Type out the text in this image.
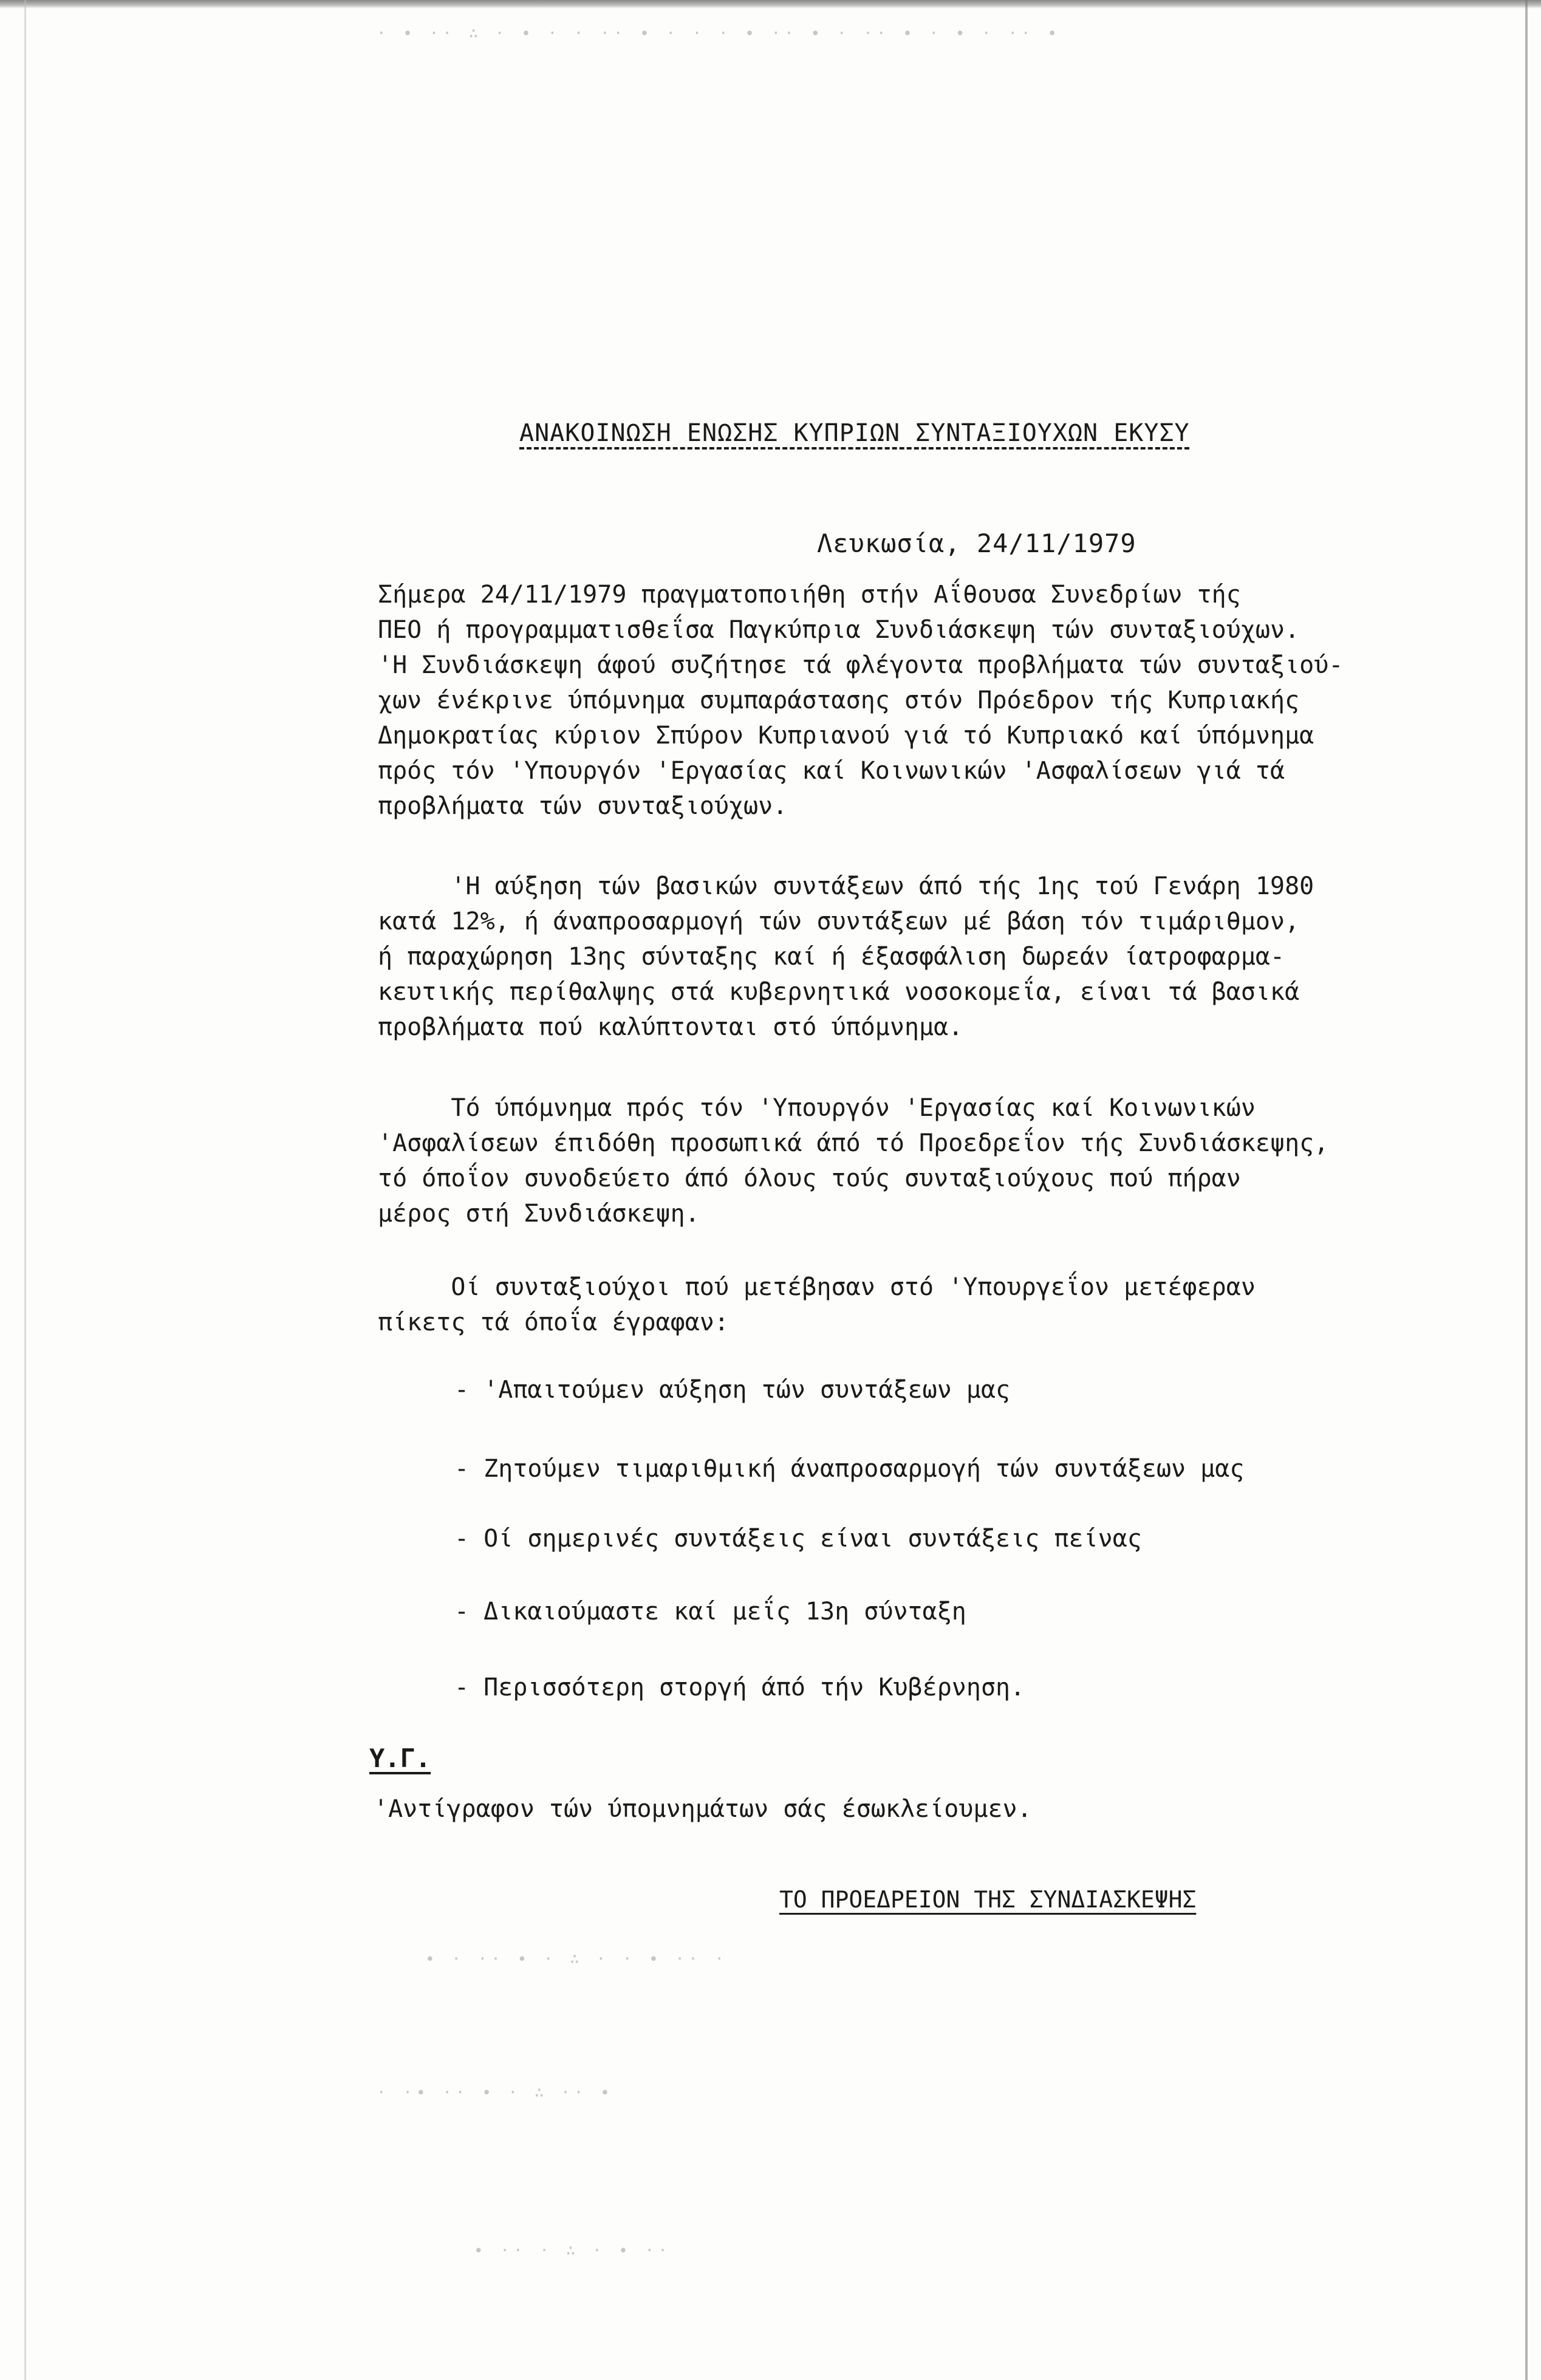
· ∙ ·· ∴ · ∙ · · ·· ∙ · · · ∙ ·· ∙ · ·· ∙ · ∙ · ·· ∙
∙ · ·· ∙ · ∴ · · ∙ ·· ·
· ·∙ ·· ∙ · ∴ ·· ∙
∙ ·· · ∴ · ∙ ··
ΑΝΑΚΟΙΝΩΣΗ ΕΝΩΣΗΣ ΚΥΠΡΙΩΝ ΣΥΝΤΑΞΙΟΥΧΩΝ ΕΚΥΣΥ
Λευκωσία, 24/11/1979
Σήμερα 24/11/1979 πραγματοποιήθη στήν Αΐθουσα Συνεδρίων τής
ΠΕΟ ή προγραμματισθεΐσα Παγκύπρια Συνδιάσκεψη τών συνταξιούχων.
'Η Συνδιάσκεψη άφού συζήτησε τά φλέγοντα προβλήματα τών συνταξιού-
χων ένέκρινε ύπόμνημα συμπαράστασης στόν Πρόεδρον τής Κυπριακής
Δημοκρατίας κύριον Σπύρον Κυπριανού γιά τό Κυπριακό καί ύπόμνημα
πρός τόν 'Υπουργόν 'Εργασίας καί Κοινωνικών 'Ασφαλίσεων γιά τά
προβλήματα τών συνταξιούχων.
'Η αύξηση τών βασικών συντάξεων άπό τής 1ης τού Γενάρη 1980
κατά 12%, ή άναπροσαρμογή τών συντάξεων μέ βάση τόν τιμάριθμον,
ή παραχώρηση 13ης σύνταξης καί ή έξασφάλιση δωρεάν ίατροφαρμα-
κευτικής περίθαλψης στά κυβερνητικά νοσοκομεΐα, είναι τά βασικά
προβλήματα πού καλύπτονται στό ύπόμνημα.
Τό ύπόμνημα πρός τόν 'Υπουργόν 'Εργασίας καί Κοινωνικών
'Ασφαλίσεων έπιδόθη προσωπικά άπό τό Προεδρεΐον τής Συνδιάσκεψης,
τό όποΐον συνοδεύετο άπό όλους τούς συνταξιούχους πού πήραν
μέρος στή Συνδιάσκεψη.
Οί συνταξιούχοι πού μετέβησαν στό 'Υπουργεΐον μετέφεραν
πίκετς τά όποΐα έγραφαν:
- 'Απαιτούμεν αύξηση τών συντάξεων μας
- Ζητούμεν τιμαριθμική άναπροσαρμογή τών συντάξεων μας
- Οί σημερινές συντάξεις είναι συντάξεις πείνας
- Δικαιούμαστε καί μεΐς 13η σύνταξη
- Περισσότερη στοργή άπό τήν Κυβέρνηση.
Υ.Γ.
'Αντίγραφον τών ύπομνημάτων σάς έσωκλείουμεν.
ΤΟ ΠΡΟΕΔΡΕΙΟΝ ΤΗΣ ΣΥΝΔΙΑΣΚΕΨΗΣ
